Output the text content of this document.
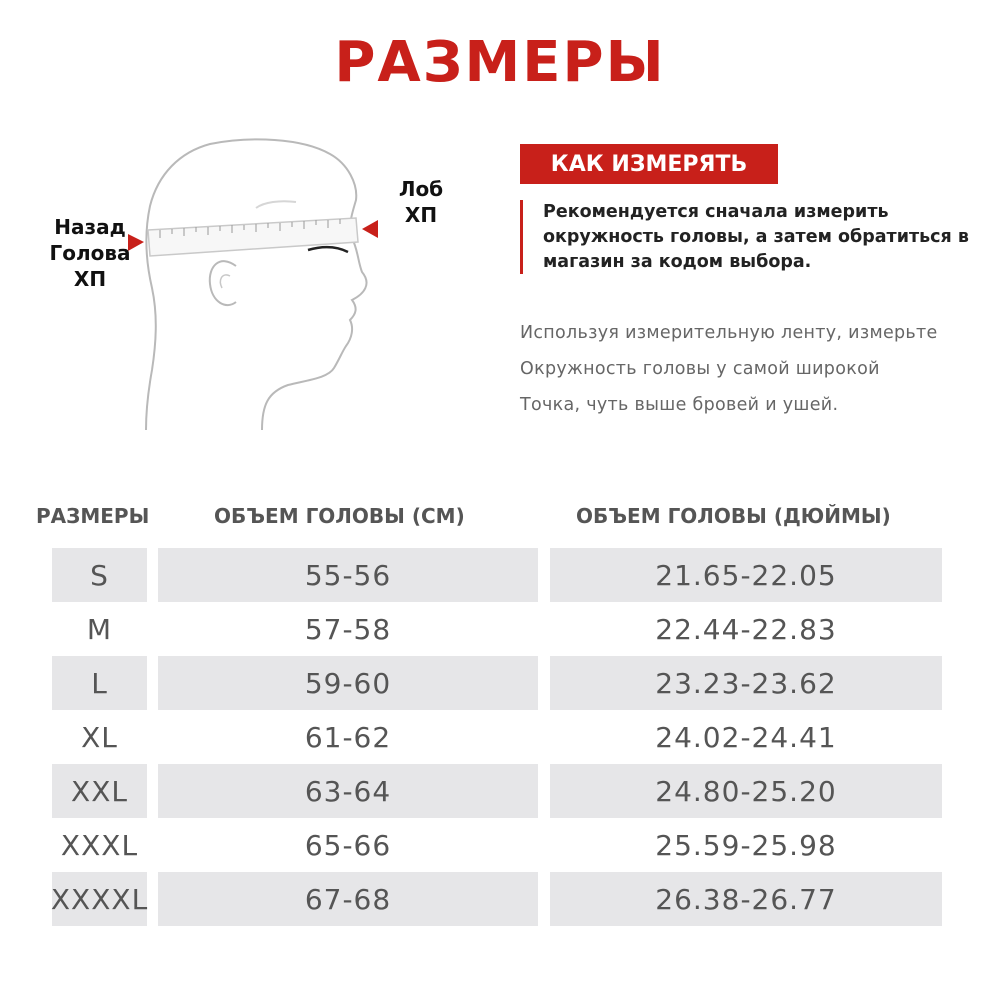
РАЗМЕРЫ
Назад
Голова
ХП
Лоб
ХП
КАК ИЗМЕРЯТЬ
Рекомендуется сначала измерить
окружность головы, а затем обратиться в
магазин за кодом выбора.
Используя измерительную ленту, измерьте
Окружность головы у самой широкой
Точка, чуть выше бровей и ушей.
РАЗМЕРЫ	ОБЪЕМ ГОЛОВЫ (СМ)	ОБЪЕМ ГОЛОВЫ (ДЮЙМЫ)
S	55-56	21.65-22.05
M	57-58	22.44-22.83
L	59-60	23.23-23.62
XL	61-62	24.02-24.41
XXL	63-64	24.80-25.20
XXXL	65-66	25.59-25.98
XXXXL	67-68	26.38-26.77
